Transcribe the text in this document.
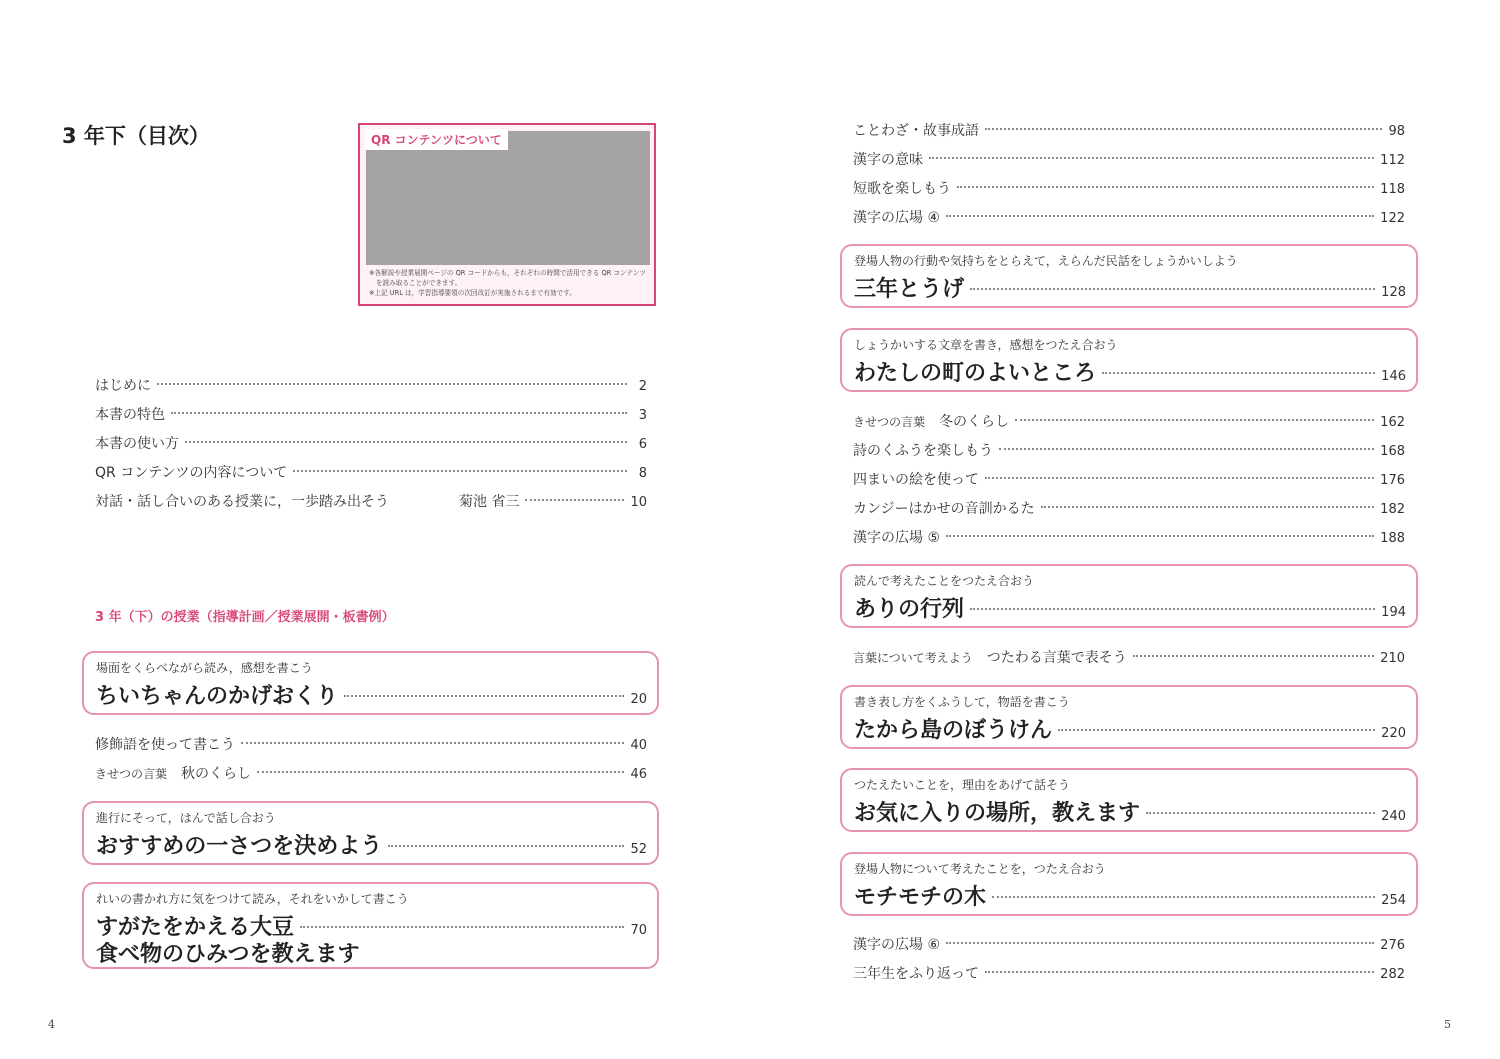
3 年下（目次）	QR コンテンツについて
※各解説や授業展開ページの QR コードからも，それぞれの時間で活用できる QR コンテンツを読み取ることができます。
※上記 URL は，学習指導要領の次回改訂が実施されるまで有効です。
はじめに	2
本書の特色	3
本書の使い方	6
QR コンテンツの内容について	8
対話・話し合いのある授業に，一歩踏み出そう	菊池 省三	10
3 年（下）の授業（指導計画／授業展開・板書例）
場面をくらべながら読み，感想を書こう
ちいちゃんのかげおくり	20
修飾語を使って書こう	40
きせつの言葉 秋のくらし	46
進行にそって，はんで話し合おう
おすすめの一さつを決めよう	52
れいの書かれ方に気をつけて読み，それをいかして書こう
すがたをかえる大豆	70
食べ物のひみつを教えます
4
ことわざ・故事成語	98
漢字の意味	112
短歌を楽しもう	118
漢字の広場 ④	122
登場人物の行動や気持ちをとらえて，えらんだ民話をしょうかいしよう
三年とうげ	128
しょうかいする文章を書き，感想をつたえ合おう
わたしの町のよいところ	146
きせつの言葉 冬のくらし	162
詩のくふうを楽しもう	168
四まいの絵を使って	176
カンジーはかせの音訓かるた	182
漢字の広場 ⑤	188
読んで考えたことをつたえ合おう
ありの行列	194
言葉について考えよう つたわる言葉で表そう	210
書き表し方をくふうして，物語を書こう
たから島のぼうけん	220
つたえたいことを，理由をあげて話そう
お気に入りの場所，教えます	240
登場人物について考えたことを，つたえ合おう
モチモチの木	254
漢字の広場 ⑥	276
三年生をふり返って	282
5
